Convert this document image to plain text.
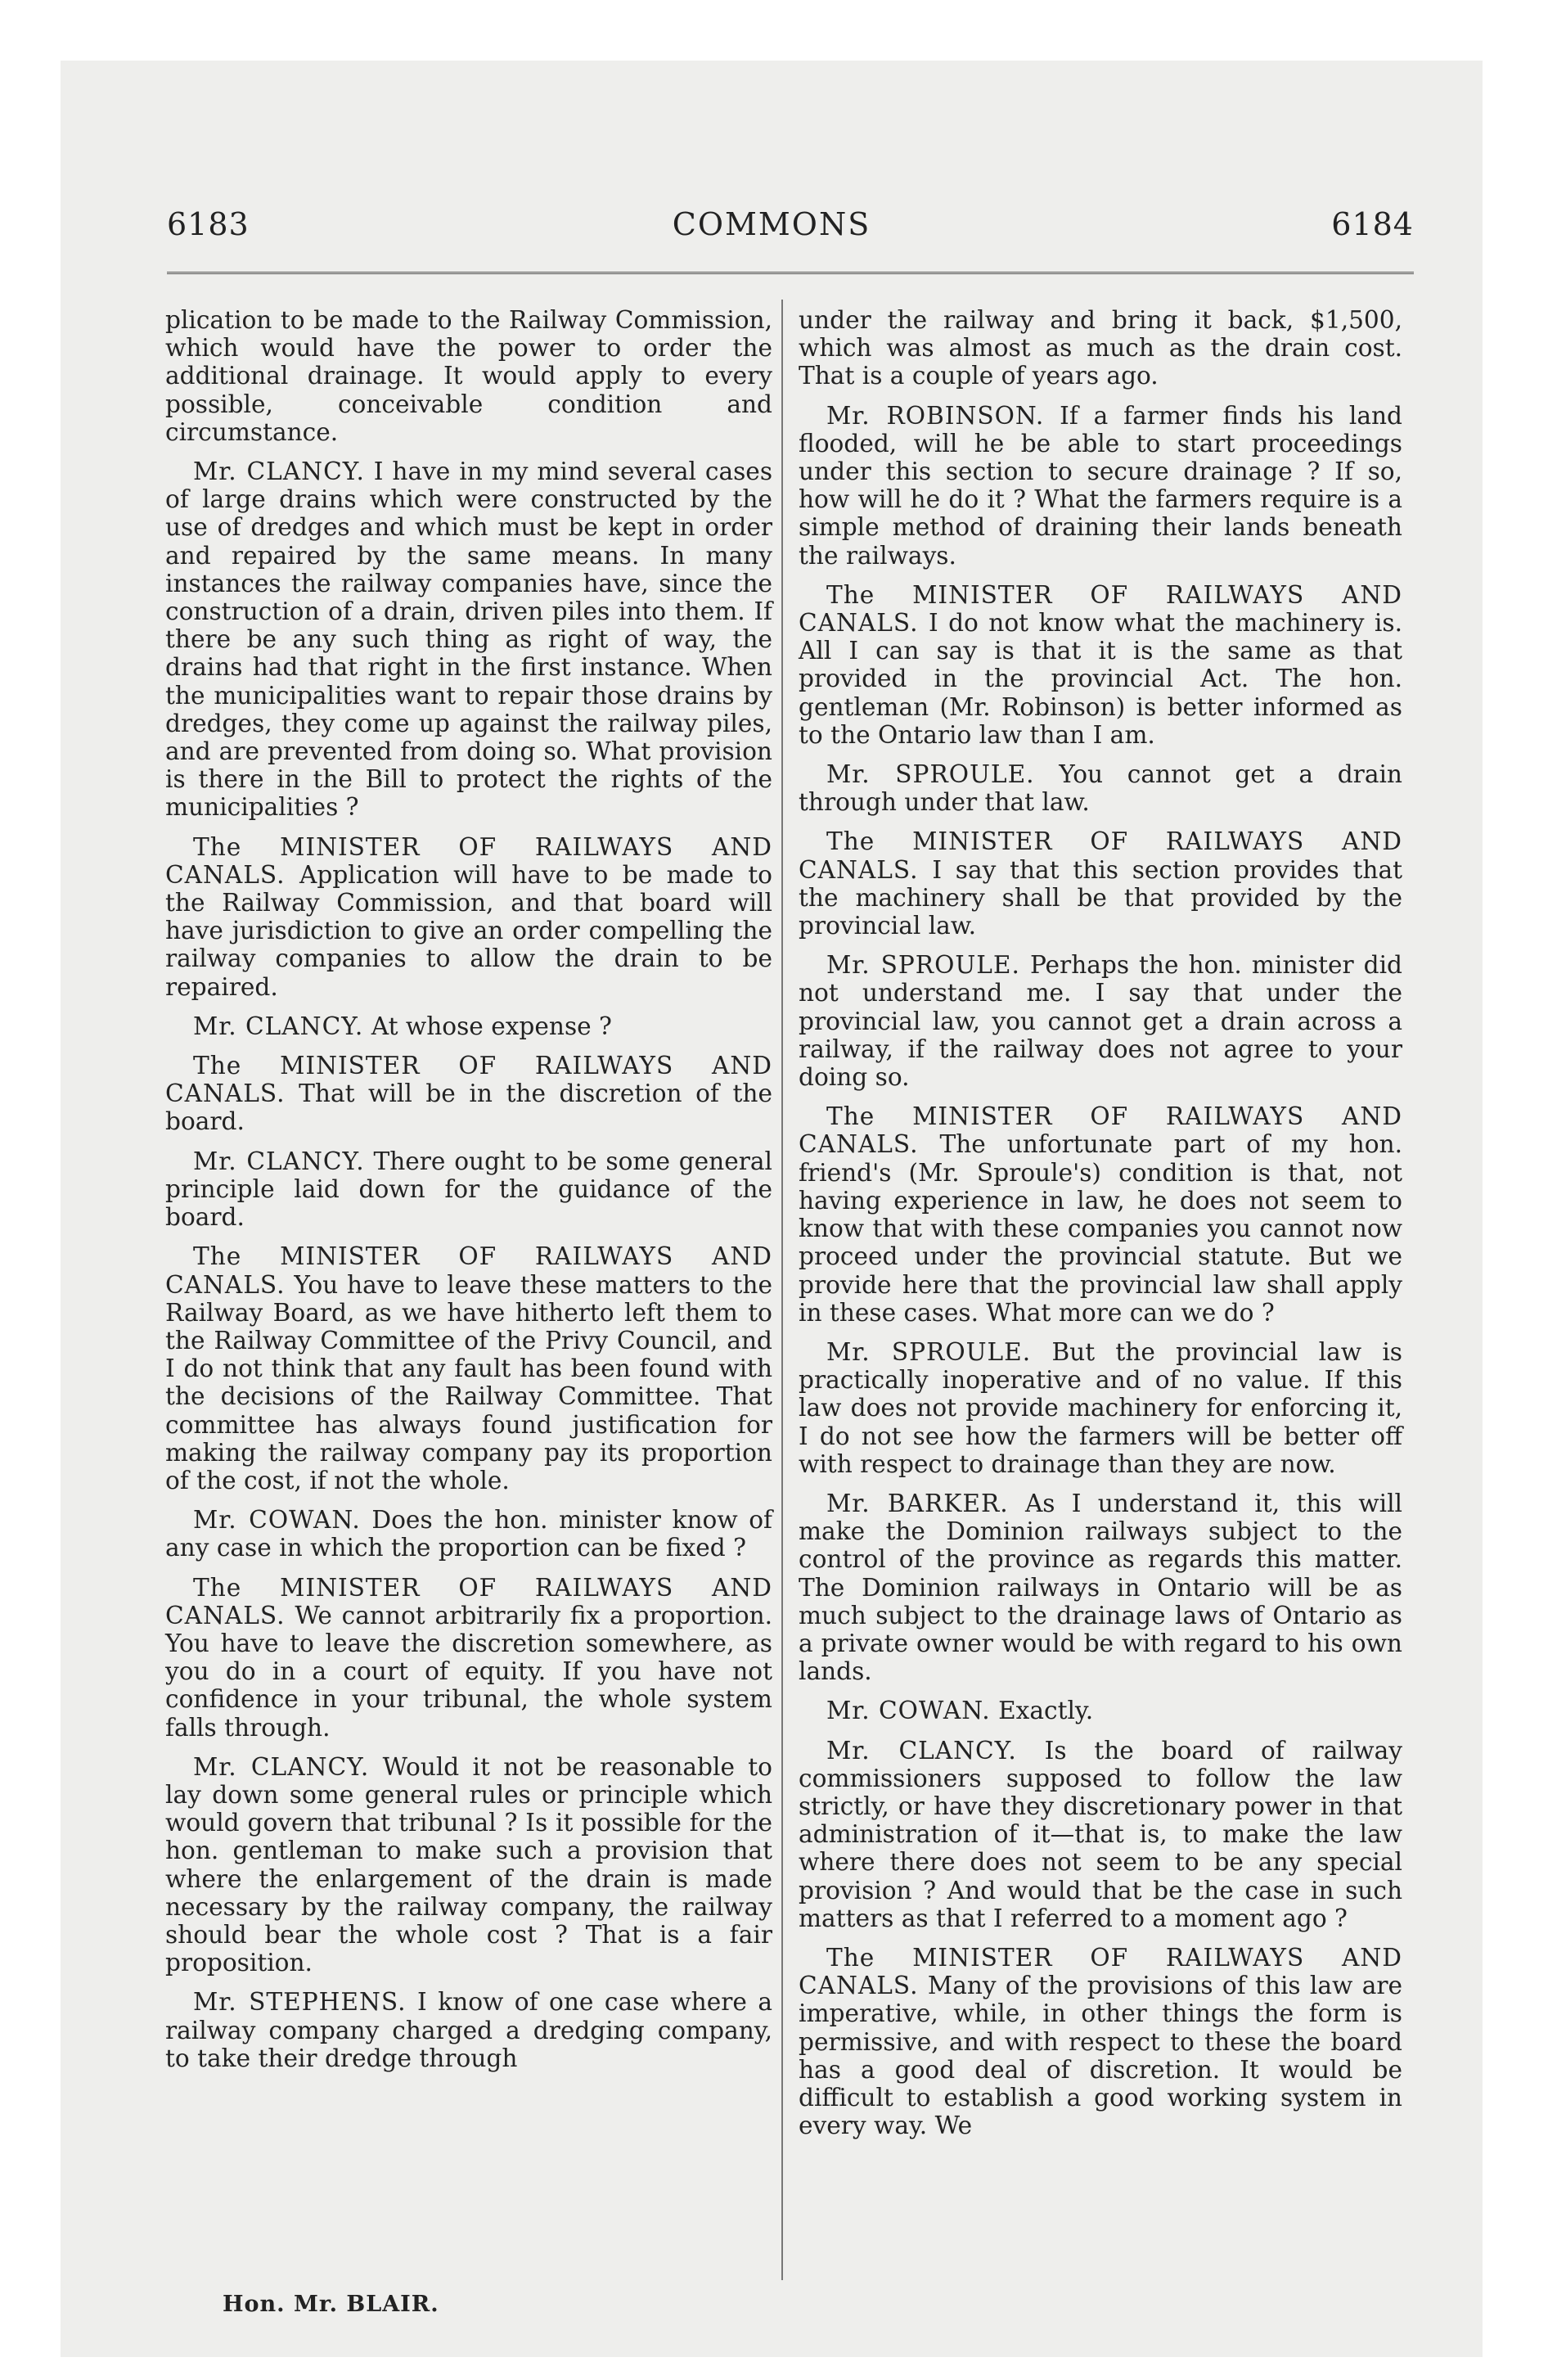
6183	COMMONS	6184

plication to be made to the Railway Commission, which would have the power to order the additional drainage. It would apply to every possible, conceivable condition and circumstance.

Mr. CLANCY. I have in my mind several cases of large drains which were constructed by the use of dredges and which must be kept in order and repaired by the same means. In many instances the railway companies have, since the construction of a drain, driven piles into them. If there be any such thing as right of way, the drains had that right in the first instance. When the municipalities want to repair those drains by dredges, they come up against the railway piles, and are prevented from doing so. What provision is there in the Bill to protect the rights of the municipalities ?

The MINISTER OF RAILWAYS AND CANALS. Application will have to be made to the Railway Commission, and that board will have jurisdiction to give an order compelling the railway companies to allow the drain to be repaired.

Mr. CLANCY. At whose expense ?

The MINISTER OF RAILWAYS AND CANALS. That will be in the discretion of the board.

Mr. CLANCY. There ought to be some general principle laid down for the guidance of the board.

The MINISTER OF RAILWAYS AND CANALS. You have to leave these matters to the Railway Board, as we have hitherto left them to the Railway Committee of the Privy Council, and I do not think that any fault has been found with the decisions of the Railway Committee. That committee has always found justification for making the railway company pay its proportion of the cost, if not the whole.

Mr. COWAN. Does the hon. minister know of any case in which the proportion can be fixed ?

The MINISTER OF RAILWAYS AND CANALS. We cannot arbitrarily fix a proportion. You have to leave the discretion somewhere, as you do in a court of equity. If you have not confidence in your tribunal, the whole system falls through.

Mr. CLANCY. Would it not be reasonable to lay down some general rules or principle which would govern that tribunal ? Is it possible for the hon. gentleman to make such a provision that where the enlargement of the drain is made necessary by the railway company, the railway should bear the whole cost ? That is a fair proposition.

Mr. STEPHENS. I know of one case where a railway company charged a dredging company, to take their dredge through

under the railway and bring it back, $1,500, which was almost as much as the drain cost. That is a couple of years ago.

Mr. ROBINSON. If a farmer finds his land flooded, will he be able to start proceedings under this section to secure drainage ? If so, how will he do it ? What the farmers require is a simple method of draining their lands beneath the railways.

The MINISTER OF RAILWAYS AND CANALS. I do not know what the machinery is. All I can say is that it is the same as that provided in the provincial Act. The hon. gentleman (Mr. Robinson) is better informed as to the Ontario law than I am.

Mr. SPROULE. You cannot get a drain through under that law.

The MINISTER OF RAILWAYS AND CANALS. I say that this section provides that the machinery shall be that provided by the provincial law.

Mr. SPROULE. Perhaps the hon. minister did not understand me. I say that under the provincial law, you cannot get a drain across a railway, if the railway does not agree to your doing so.

The MINISTER OF RAILWAYS AND CANALS. The unfortunate part of my hon. friend's (Mr. Sproule's) condition is that, not having experience in law, he does not seem to know that with these companies you cannot now proceed under the provincial statute. But we provide here that the provincial law shall apply in these cases. What more can we do ?

Mr. SPROULE. But the provincial law is practically inoperative and of no value. If this law does not provide machinery for enforcing it, I do not see how the farmers will be better off with respect to drainage than they are now.

Mr. BARKER. As I understand it, this will make the Dominion railways subject to the control of the province as regards this matter. The Dominion railways in Ontario will be as much subject to the drainage laws of Ontario as a private owner would be with regard to his own lands.

Mr. COWAN. Exactly.

Mr. CLANCY. Is the board of railway commissioners supposed to follow the law strictly, or have they discretionary power in that administration of it—that is, to make the law where there does not seem to be any special provision ? And would that be the case in such matters as that I referred to a moment ago ?

The MINISTER OF RAILWAYS AND CANALS. Many of the provisions of this law are imperative, while, in other things the form is permissive, and with respect to these the board has a good deal of discretion. It would be difficult to establish a good working system in every way. We

Hon. Mr. BLAIR.
